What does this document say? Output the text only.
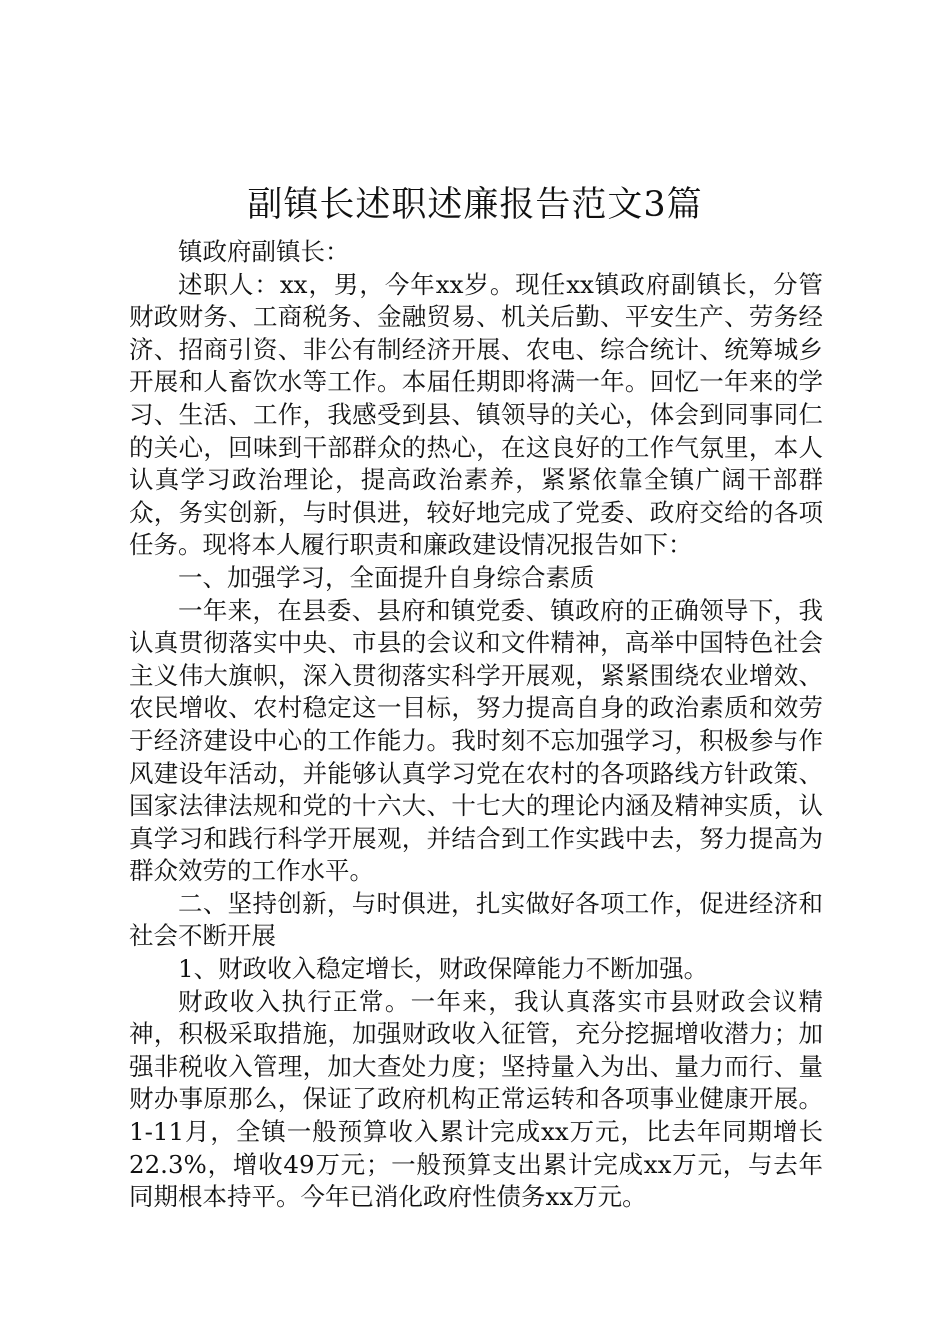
副镇长述职述廉报告范文3篇

镇政府副镇长：

述职人：xx，男，今年xx岁。现任xx镇政府副镇长，分管财政财务、工商税务、金融贸易、机关后勤、平安生产、劳务经济、招商引资、非公有制经济开展、农电、综合统计、统筹城乡开展和人畜饮水等工作。本届任期即将满一年。回忆一年来的学习、生活、工作，我感受到县、镇领导的关心，体会到同事同仁的关心，回味到干部群众的热心，在这良好的工作气氛里，本人认真学习政治理论，提高政治素养，紧紧依靠全镇广阔干部群众，务实创新，与时俱进，较好地完成了党委、政府交给的各项任务。现将本人履行职责和廉政建设情况报告如下：

一、加强学习，全面提升自身综合素质

一年来，在县委、县府和镇党委、镇政府的正确领导下，我认真贯彻落实中央、市县的会议和文件精神，高举中国特色社会主义伟大旗帜，深入贯彻落实科学开展观，紧紧围绕农业增效、农民增收、农村稳定这一目标，努力提高自身的政治素质和效劳于经济建设中心的工作能力。我时刻不忘加强学习，积极参与作风建设年活动，并能够认真学习党在农村的各项路线方针政策、国家法律法规和党的十六大、十七大的理论内涵及精神实质，认真学习和践行科学开展观，并结合到工作实践中去，努力提高为群众效劳的工作水平。

二、坚持创新，与时俱进，扎实做好各项工作，促进经济和社会不断开展

1、财政收入稳定增长，财政保障能力不断加强。

财政收入执行正常。一年来，我认真落实市县财政会议精神，积极采取措施，加强财政收入征管，充分挖掘增收潜力；加强非税收入管理，加大查处力度；坚持量入为出、量力而行、量财办事原那么，保证了政府机构正常运转和各项事业健康开展。1-11月，全镇一般预算收入累计完成xx万元，比去年同期增长22.3%，增收49万元；一般预算支出累计完成xx万元，与去年同期根本持平。今年已消化政府性债务xx万元。
